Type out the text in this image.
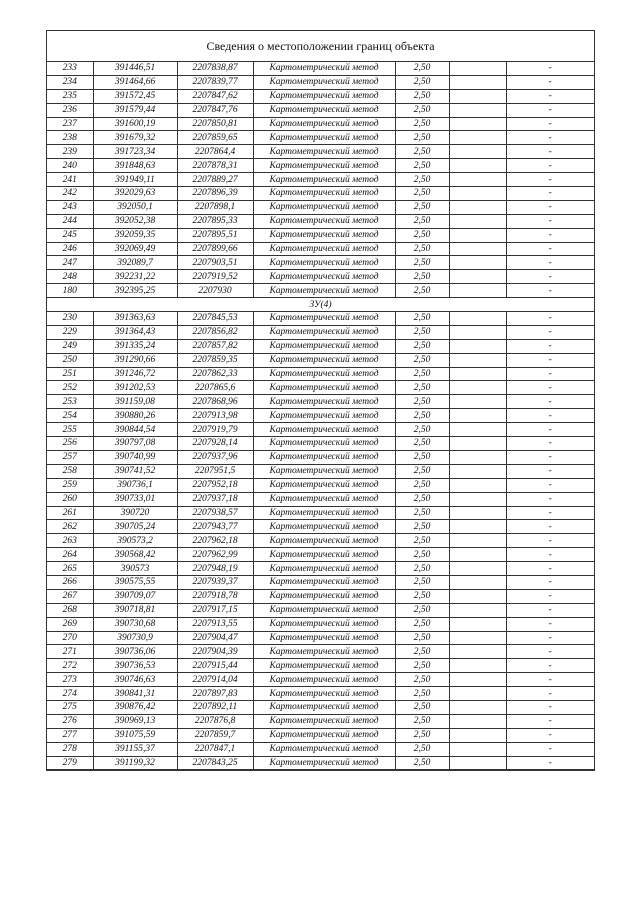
Сведения о местоположении границ объекта
233	391446,51	2207838,87	Картометрический метод	2,50		-
234	391464,66	2207839,77	Картометрический метод	2,50		-
235	391572,45	2207847,62	Картометрический метод	2,50		-
236	391579,44	2207847,76	Картометрический метод	2,50		-
237	391600,19	2207850,81	Картометрический метод	2,50		-
238	391679,32	2207859,65	Картометрический метод	2,50		-
239	391723,34	2207864,4	Картометрический метод	2,50		-
240	391848,63	2207878,31	Картометрический метод	2,50		-
241	391949,11	2207889,27	Картометрический метод	2,50		-
242	392029,63	2207896,39	Картометрический метод	2,50		-
243	392050,1	2207898,1	Картометрический метод	2,50		-
244	392052,38	2207895,33	Картометрический метод	2,50		-
245	392059,35	2207895,51	Картометрический метод	2,50		-
246	392069,49	2207899,66	Картометрический метод	2,50		-
247	392089,7	2207903,51	Картометрический метод	2,50		-
248	392231,22	2207919,52	Картометрический метод	2,50		-
180	392395,25	2207930	Картометрический метод	2,50		-
ЗУ(4)						
230	391363,63	2207845,53	Картометрический метод	2,50		-
229	391364,43	2207856,82	Картометрический метод	2,50		-
249	391335,24	2207857,82	Картометрический метод	2,50		-
250	391290,66	2207859,35	Картометрический метод	2,50		-
251	391246,72	2207862,33	Картометрический метод	2,50		-
252	391202,53	2207865,6	Картометрический метод	2,50		-
253	391159,08	2207868,96	Картометрический метод	2,50		-
254	390880,26	2207913,98	Картометрический метод	2,50		-
255	390844,54	2207919,79	Картометрический метод	2,50		-
256	390797,08	2207928,14	Картометрический метод	2,50		-
257	390740,99	2207937,96	Картометрический метод	2,50		-
258	390741,52	2207951,5	Картометрический метод	2,50		-
259	390736,1	2207952,18	Картометрический метод	2,50		-
260	390733,01	2207937,18	Картометрический метод	2,50		-
261	390720	2207938,57	Картометрический метод	2,50		-
262	390705,24	2207943,77	Картометрический метод	2,50		-
263	390573,2	2207962,18	Картометрический метод	2,50		-
264	390568,42	2207962,99	Картометрический метод	2,50		-
265	390573	2207948,19	Картометрический метод	2,50		-
266	390575,55	2207939,37	Картометрический метод	2,50		-
267	390709,07	2207918,78	Картометрический метод	2,50		-
268	390718,81	2207917,15	Картометрический метод	2,50		-
269	390730,68	2207913,55	Картометрический метод	2,50		-
270	390730,9	2207904,47	Картометрический метод	2,50		-
271	390736,06	2207904,39	Картометрический метод	2,50		-
272	390736,53	2207915,44	Картометрический метод	2,50		-
273	390746,63	2207914,04	Картометрический метод	2,50		-
274	390841,31	2207897,83	Картометрический метод	2,50		-
275	390876,42	2207892,11	Картометрический метод	2,50		-
276	390969,13	2207876,8	Картометрический метод	2,50		-
277	391075,59	2207859,7	Картометрический метод	2,50		-
278	391155,37	2207847,1	Картометрический метод	2,50		-
279	391199,32	2207843,25	Картометрический метод	2,50		-
